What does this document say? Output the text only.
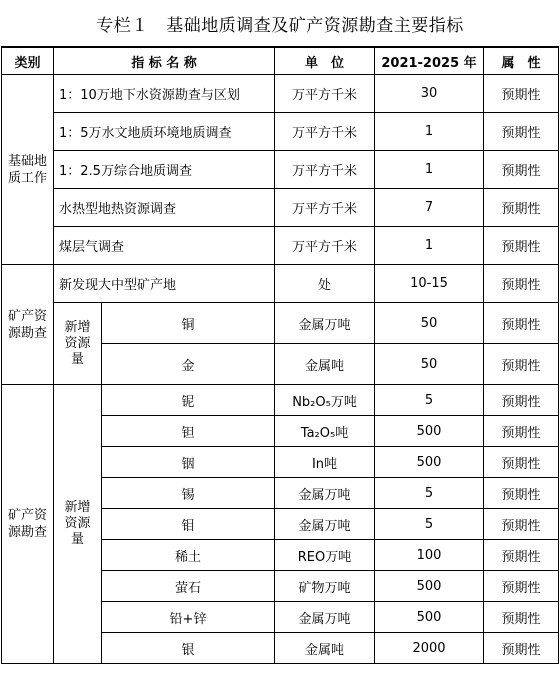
专栏１　基础地质调查及矿产资源勘查主要指标
类别	指 标 名 称		单　位	2021-2025 年	属　性
基础地质工作	1：10万地下水资源勘查与区划		万平方千米	30	预期性
	1：5万水文地质环境地质调查		万平方千米	1	预期性
	1：2.5万综合地质调查		万平方千米	1	预期性
	水热型地热资源调查		万平方千米	7	预期性
	煤层气调查		万平方千米	1	预期性
矿产资源勘查	新发现大中型矿产地		处	10-15	预期性
	新增资源量	铜	金属万吨	50	预期性
		金	金属吨	50	预期性
矿产资源勘查	新增资源量	铌	Nb₂O₅万吨	5	预期性
		钽	Ta₂O₅吨	500	预期性
		铟	In吨	500	预期性
		锡	金属万吨	5	预期性
		钼	金属万吨	5	预期性
		稀土	REO万吨	100	预期性
		萤石	矿物万吨	500	预期性
		铅+锌	金属万吨	500	预期性
		银	金属吨	2000	预期性
